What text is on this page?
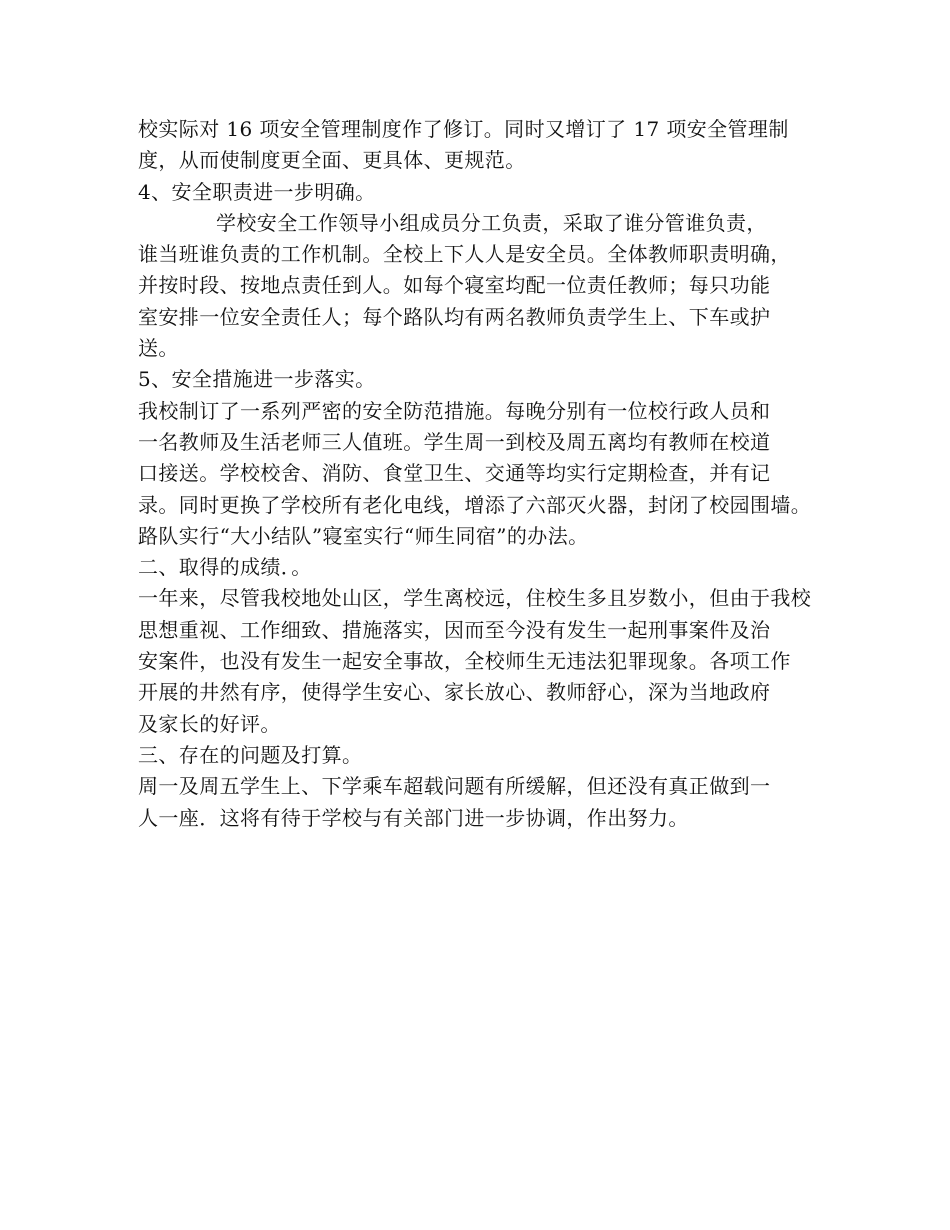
校实际对 16 项安全管理制度作了修订。同时又增订了 17 项安全管理制
度，从而使制度更全面、更具体、更规范。
4、安全职责进一步明确。
学校安全工作领导小组成员分工负责，采取了谁分管谁负责，
谁当班谁负责的工作机制。全校上下人人是安全员。全体教师职责明确，
并按时段、按地点责任到人。如每个寝室均配一位责任教师；每只功能
室安排一位安全责任人；每个路队均有两名教师负责学生上、下车或护
送。
5、安全措施进一步落实。
我校制订了一系列严密的安全防范措施。每晚分别有一位校行政人员和
一名教师及生活老师三人值班。学生周一到校及周五离均有教师在校道
口接送。学校校舍、消防、食堂卫生、交通等均实行定期检查，并有记
录。同时更换了学校所有老化电线，增添了六部灭火器，封闭了校园围墙。
路队实行“大小结队”寝室实行“师生同宿”的办法。
二、取得的成绩．。
一年来，尽管我校地处山区，学生离校远，住校生多且岁数小，但由于我校
思想重视、工作细致、措施落实，因而至今没有发生一起刑事案件及治
安案件，也没有发生一起安全事故，全校师生无违法犯罪现象。各项工作
开展的井然有序，使得学生安心、家长放心、教师舒心，深为当地政府
及家长的好评。
三、存在的问题及打算。
周一及周五学生上、下学乘车超载问题有所缓解，但还没有真正做到一
人一座．这将有待于学校与有关部门进一步协调，作出努力。
